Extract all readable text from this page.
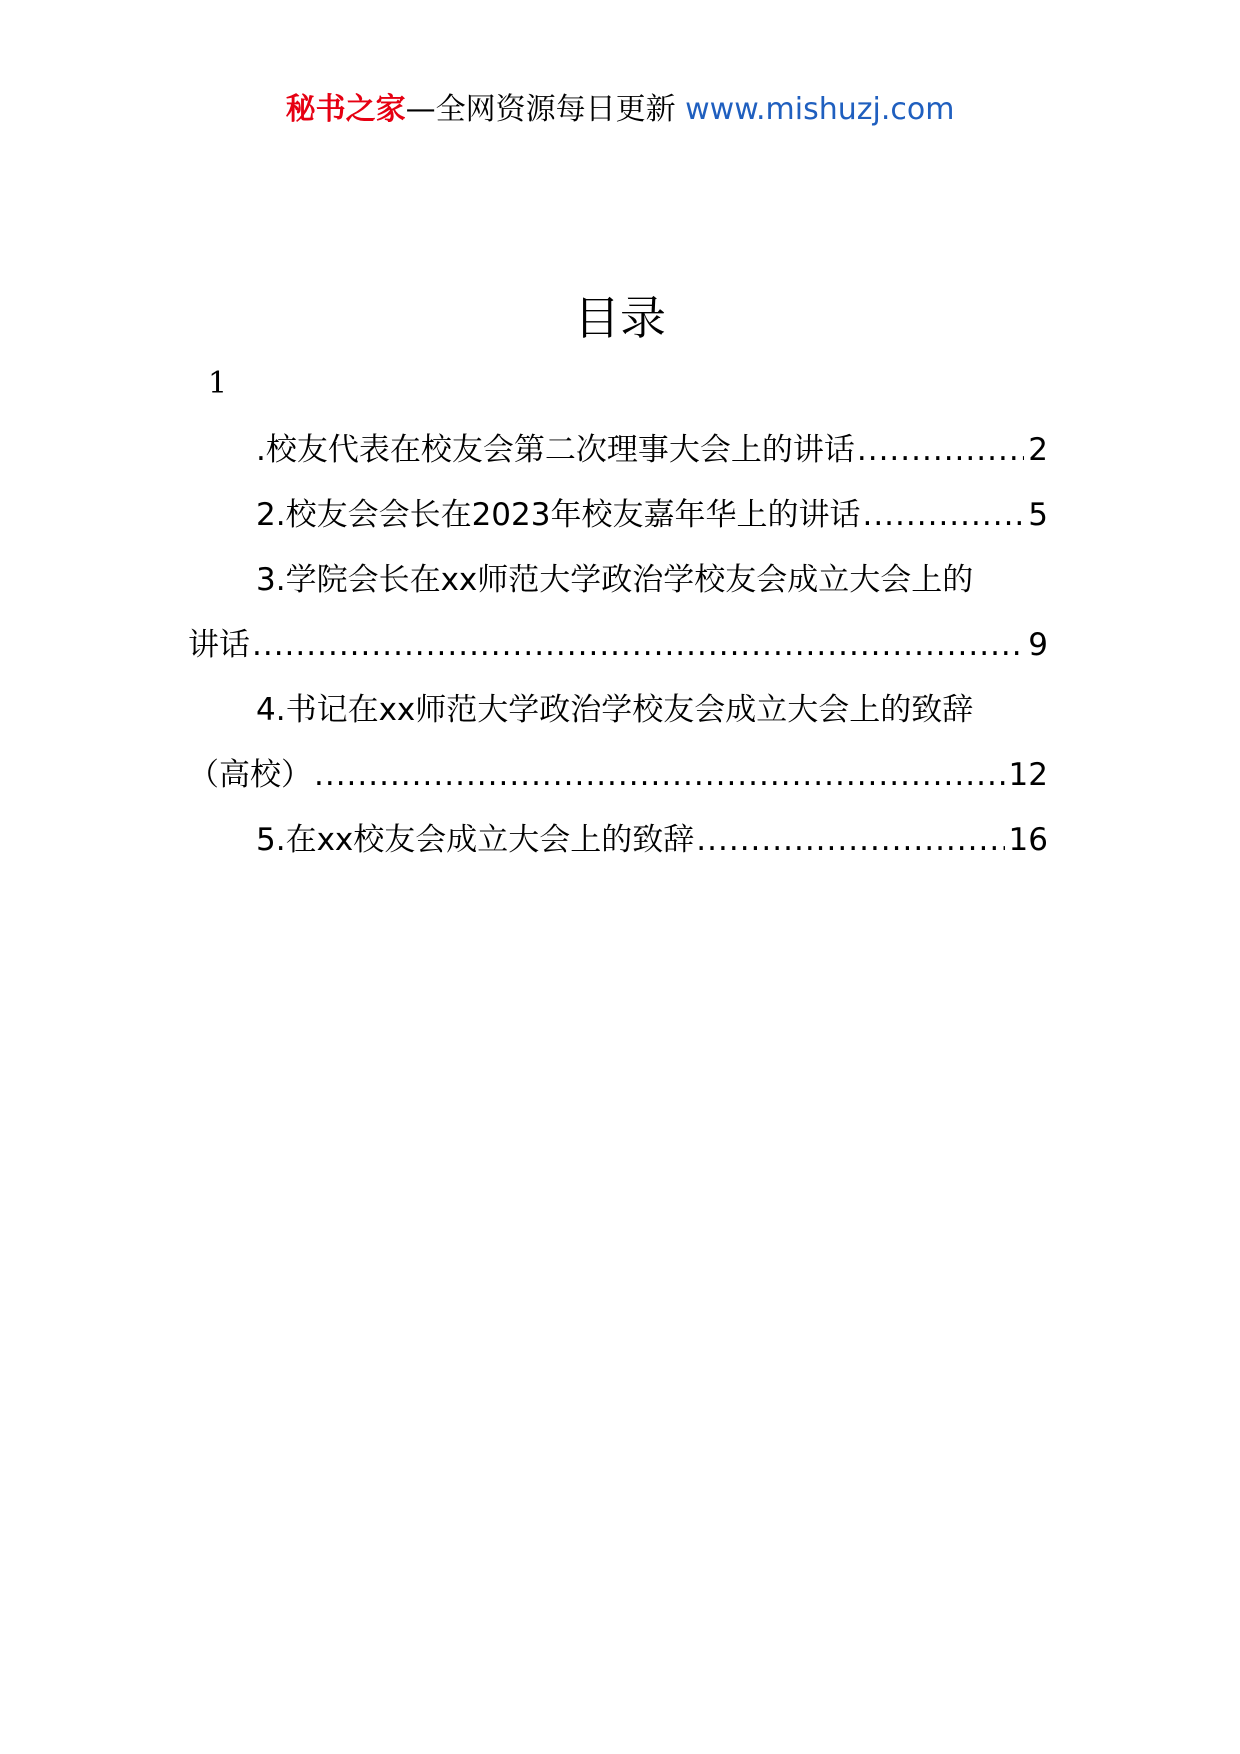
秘书之家—全网资源每日更新 www.mishuzj.com
目录
1
.校友代表在校友会第二次理事大会上的讲话 .....	2
2.校友会会长在2023年校友嘉年华上的讲话 .....	5
3.学院会长在xx师范大学政治学校友会成立大会上的
讲话 .....	9
4.书记在xx师范大学政治学校友会成立大会上的致辞
（高校） .....	12
5.在xx校友会成立大会上的致辞 .....	16
